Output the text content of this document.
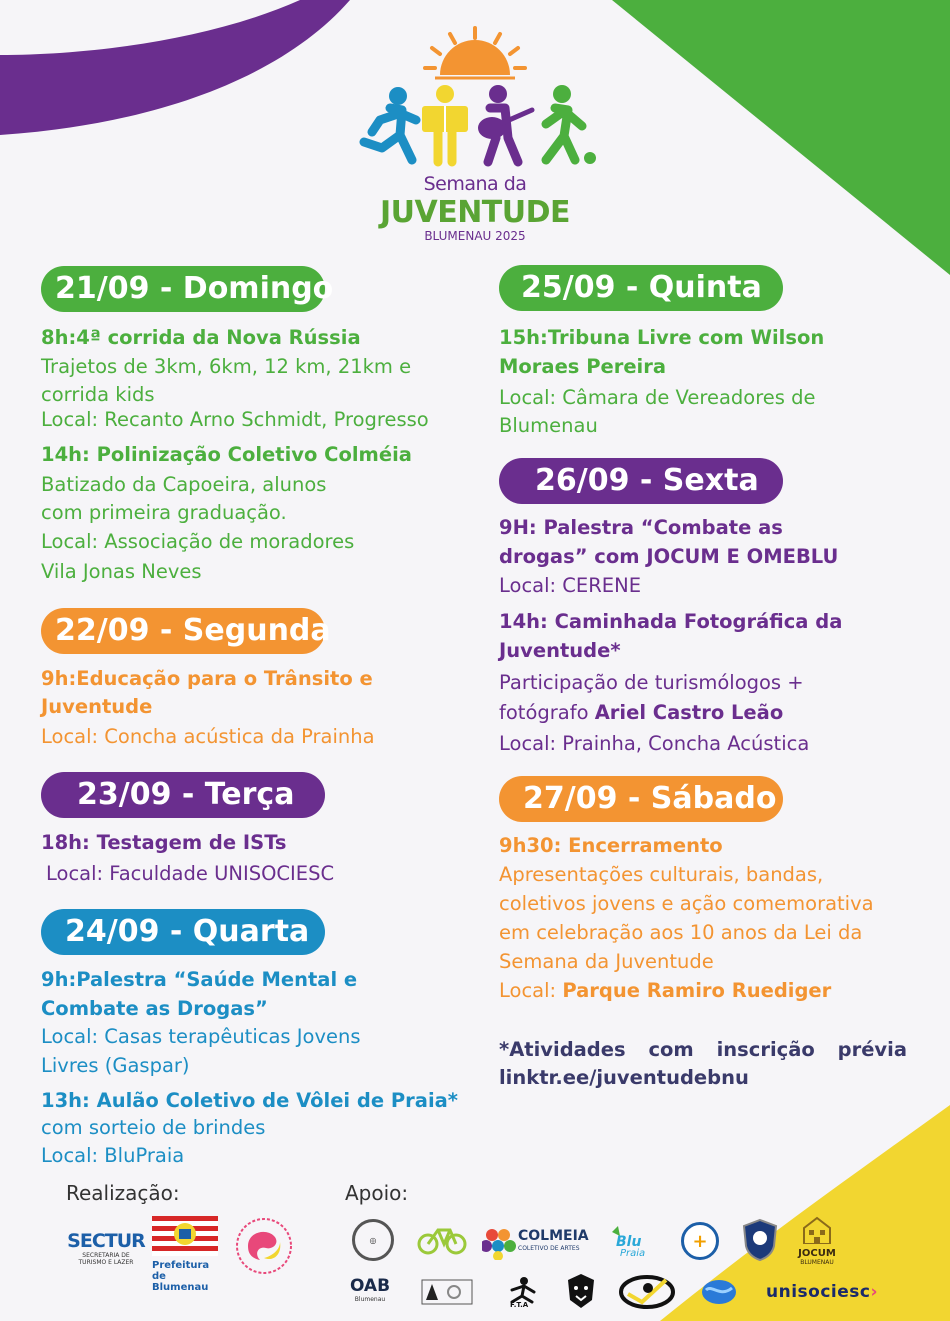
Semana da
JUVENTUDE
BLUMENAU 2025
21/09 - Domingo
8h:4ª corrida da Nova Rússia
Trajetos de 3km, 6km, 12 km, 21km e
corrida kids
Local: Recanto Arno Schmidt, Progresso
14h: Polinização Coletivo Colméia
Batizado da Capoeira, alunos
com primeira graduação.
Local: Associação de moradores
Vila Jonas Neves
22/09 - Segunda
9h:Educação para o Trânsito e
Juventude
Local: Concha acústica da Prainha
23/09 - Terça
18h: Testagem de ISTs
Local: Faculdade UNISOCIESC
24/09 - Quarta
9h:Palestra “Saúde Mental e
Combate as Drogas”
Local: Casas terapêuticas Jovens
Livres (Gaspar)
13h: Aulão Coletivo de Vôlei de Praia*
com sorteio de brindes
Local: BluPraia
25/09 - Quinta
15h:Tribuna Livre com Wilson
Moraes Pereira
Local: Câmara de Vereadores de
Blumenau
26/09 - Sexta
9H: Palestra “Combate as
drogas” com JOCUM E OMEBLU
Local: CERENE
14h: Caminhada Fotográfica da
Juventude*
Participação de turismólogos +
fotógrafo Ariel Castro Leão
Local: Prainha, Concha Acústica
27/09 - Sábado
9h30: Encerramento
Apresentações culturais, bandas,
coletivos jovens e ação comemorativa
em celebração aos 10 anos da Lei da
Semana da Juventude
Local: Parque Ramiro Ruediger
*Atividades com inscrição prévia
linktr.ee/juventudebnu
Realização:	Apoio:
SECTUR
SECRETARIA DE
TURISMO E LAZER	Prefeitura de
Blumenau
◎	COLMEIA
COLETIVO DE ARTES	Blu
Praia
+
JOCUM
BLUMENAU
OAB
Blumenau
F.T.A
unisociesc›
